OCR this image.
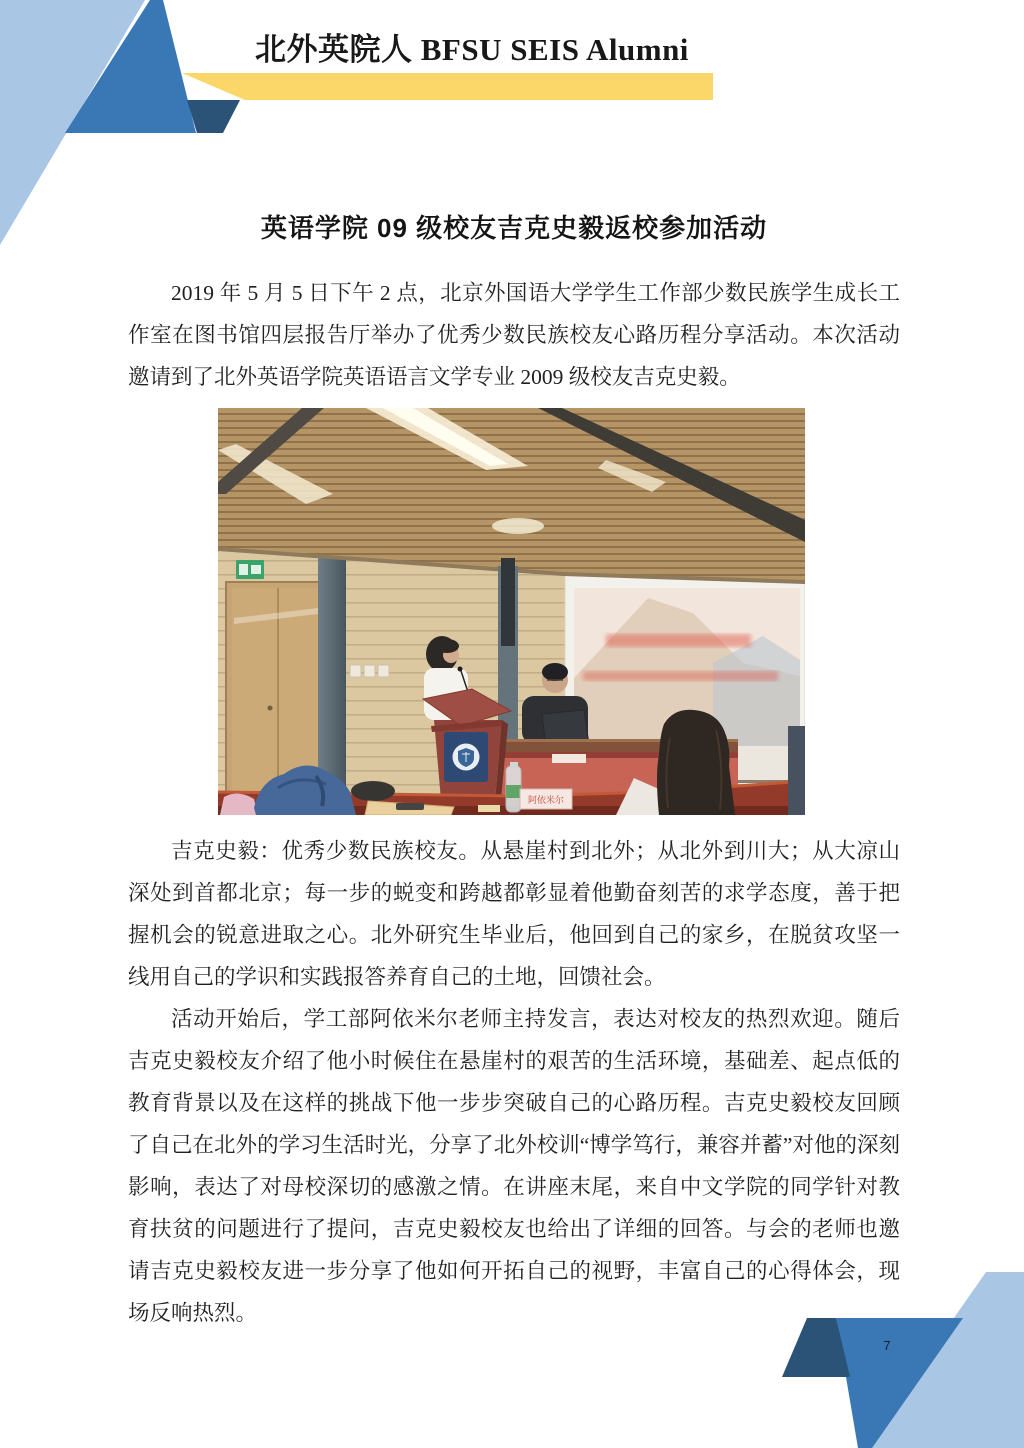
北外英院人 BFSU SEIS Alumni
英语学院 09 级校友吉克史毅返校参加活动

2019 年 5 月 5 日下午 2 点，北京外国语大学学生工作部少数民族学生成长工作室在图书馆四层报告厅举办了优秀少数民族校友心路历程分享活动。本次活动邀请到了北外英语学院英语语言文学专业 2009 级校友吉克史毅。

阿依米尔

吉克史毅：优秀少数民族校友。从悬崖村到北外；从北外到川大；从大凉山深处到首都北京；每一步的蜕变和跨越都彰显着他勤奋刻苦的求学态度，善于把握机会的锐意进取之心。北外研究生毕业后，他回到自己的家乡，在脱贫攻坚一线用自己的学识和实践报答养育自己的土地，回馈社会。

活动开始后，学工部阿依米尔老师主持发言，表达对校友的热烈欢迎。随后吉克史毅校友介绍了他小时候住在悬崖村的艰苦的生活环境，基础差、起点低的教育背景以及在这样的挑战下他一步步突破自己的心路历程。吉克史毅校友回顾了自己在北外的学习生活时光，分享了北外校训“博学笃行，兼容并蓄”对他的深刻影响，表达了对母校深切的感激之情。在讲座末尾，来自中文学院的同学针对教育扶贫的问题进行了提问，吉克史毅校友也给出了详细的回答。与会的老师也邀请吉克史毅校友进一步分享了他如何开拓自己的视野，丰富自己的心得体会，现场反响热烈。

7
